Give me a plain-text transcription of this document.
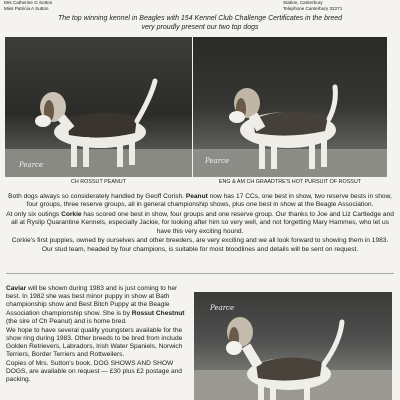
Mrs Catherine G Sutton
Miss Patricia A Sutton
Station, Canterbury
Telephone Canterbury 32271
The top winning kennel in Beagles with 154 Kennel Club Challenge Certificates in the breed
very proudly present our two top dogs
Pearce	Pearce
CH ROSSUT PEANUT	ENG & AM CH GRAADTRE'S HOT PURSUIT OF ROSSUT

Both dogs always so considerately handled by Geoff Corish. Peanut now has 17 CCs, one best in show, two reserve bests in show, four groups, three reserve groups, all in general championship shows, plus one best in show at the Beagle Association.

At only six outings Corkie has scored one best in show, four groups and one reserve group. Our thanks to Joe and Liz Cartledge and all at Ryslip Quarantine Kennels, especially Jackie, for looking after him so very well, and not forgetting Mary Hammes, who let us have this very exciting hound.

Corkie's first puppies, owned by ourselves and other breeders, are very exciting and we all look forward to showing them in 1983.

Our stud team, headed by four champions, is suitable for most bloodlines and details will be sent on request.

Caviar will be shown during 1983 and is just coming to her best. In 1982 she was best minor puppy in show at Bath championship show and Best Bitch Puppy at the Beagle Association championship show. She is by Rossut Chestnut (the sire of Ch Peanut) and is home bred.

We hope to have several quality youngsters available for the show ring during 1983. Other breeds to be bred from include Golden Retrievers, Labradors, Irish Water Spaniels, Norwich Terriers, Border Terriers and Rottweilers.

Copies of Mrs. Sutton's book, DOG SHOWS AND SHOW DOGS, are available on request — £30 plus £2 postage and packing.

Pearce
